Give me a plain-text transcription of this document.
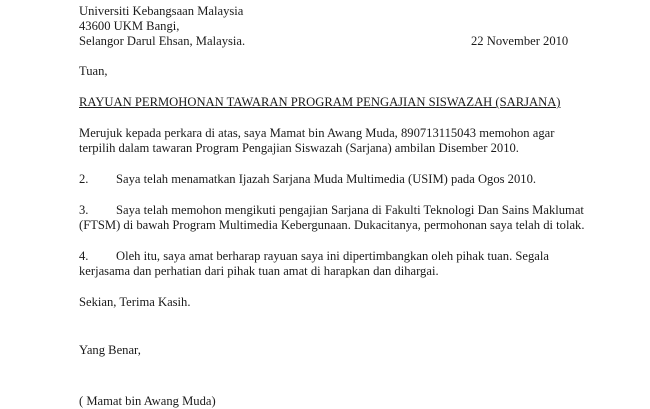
Universiti Kebangsaan Malaysia
43600 UKM Bangi,
Selangor Darul Ehsan, Malaysia.	22 November 2010
Tuan,
RAYUAN PERMOHONAN TAWARAN PROGRAM PENGAJIAN SISWAZAH (SARJANA)
Merujuk kepada perkara di atas, saya Mamat bin Awang Muda, 890713115043 memohon agar
terpilih dalam tawaran Program Pengajian Siswazah (Sarjana) ambilan Disember 2010.
2. Saya telah menamatkan Ijazah Sarjana Muda Multimedia (USIM) pada Ogos 2010.
3. Saya telah memohon mengikuti pengajian Sarjana di Fakulti Teknologi Dan Sains Maklumat
(FTSM) di bawah Program Multimedia Kebergunaan. Dukacitanya, permohonan saya telah di tolak.
4. Oleh itu, saya amat berharap rayuan saya ini dipertimbangkan oleh pihak tuan. Segala
kerjasama dan perhatian dari pihak tuan amat di harapkan dan dihargai.
Sekian, Terima Kasih.
Yang Benar,
( Mamat bin Awang Muda)
